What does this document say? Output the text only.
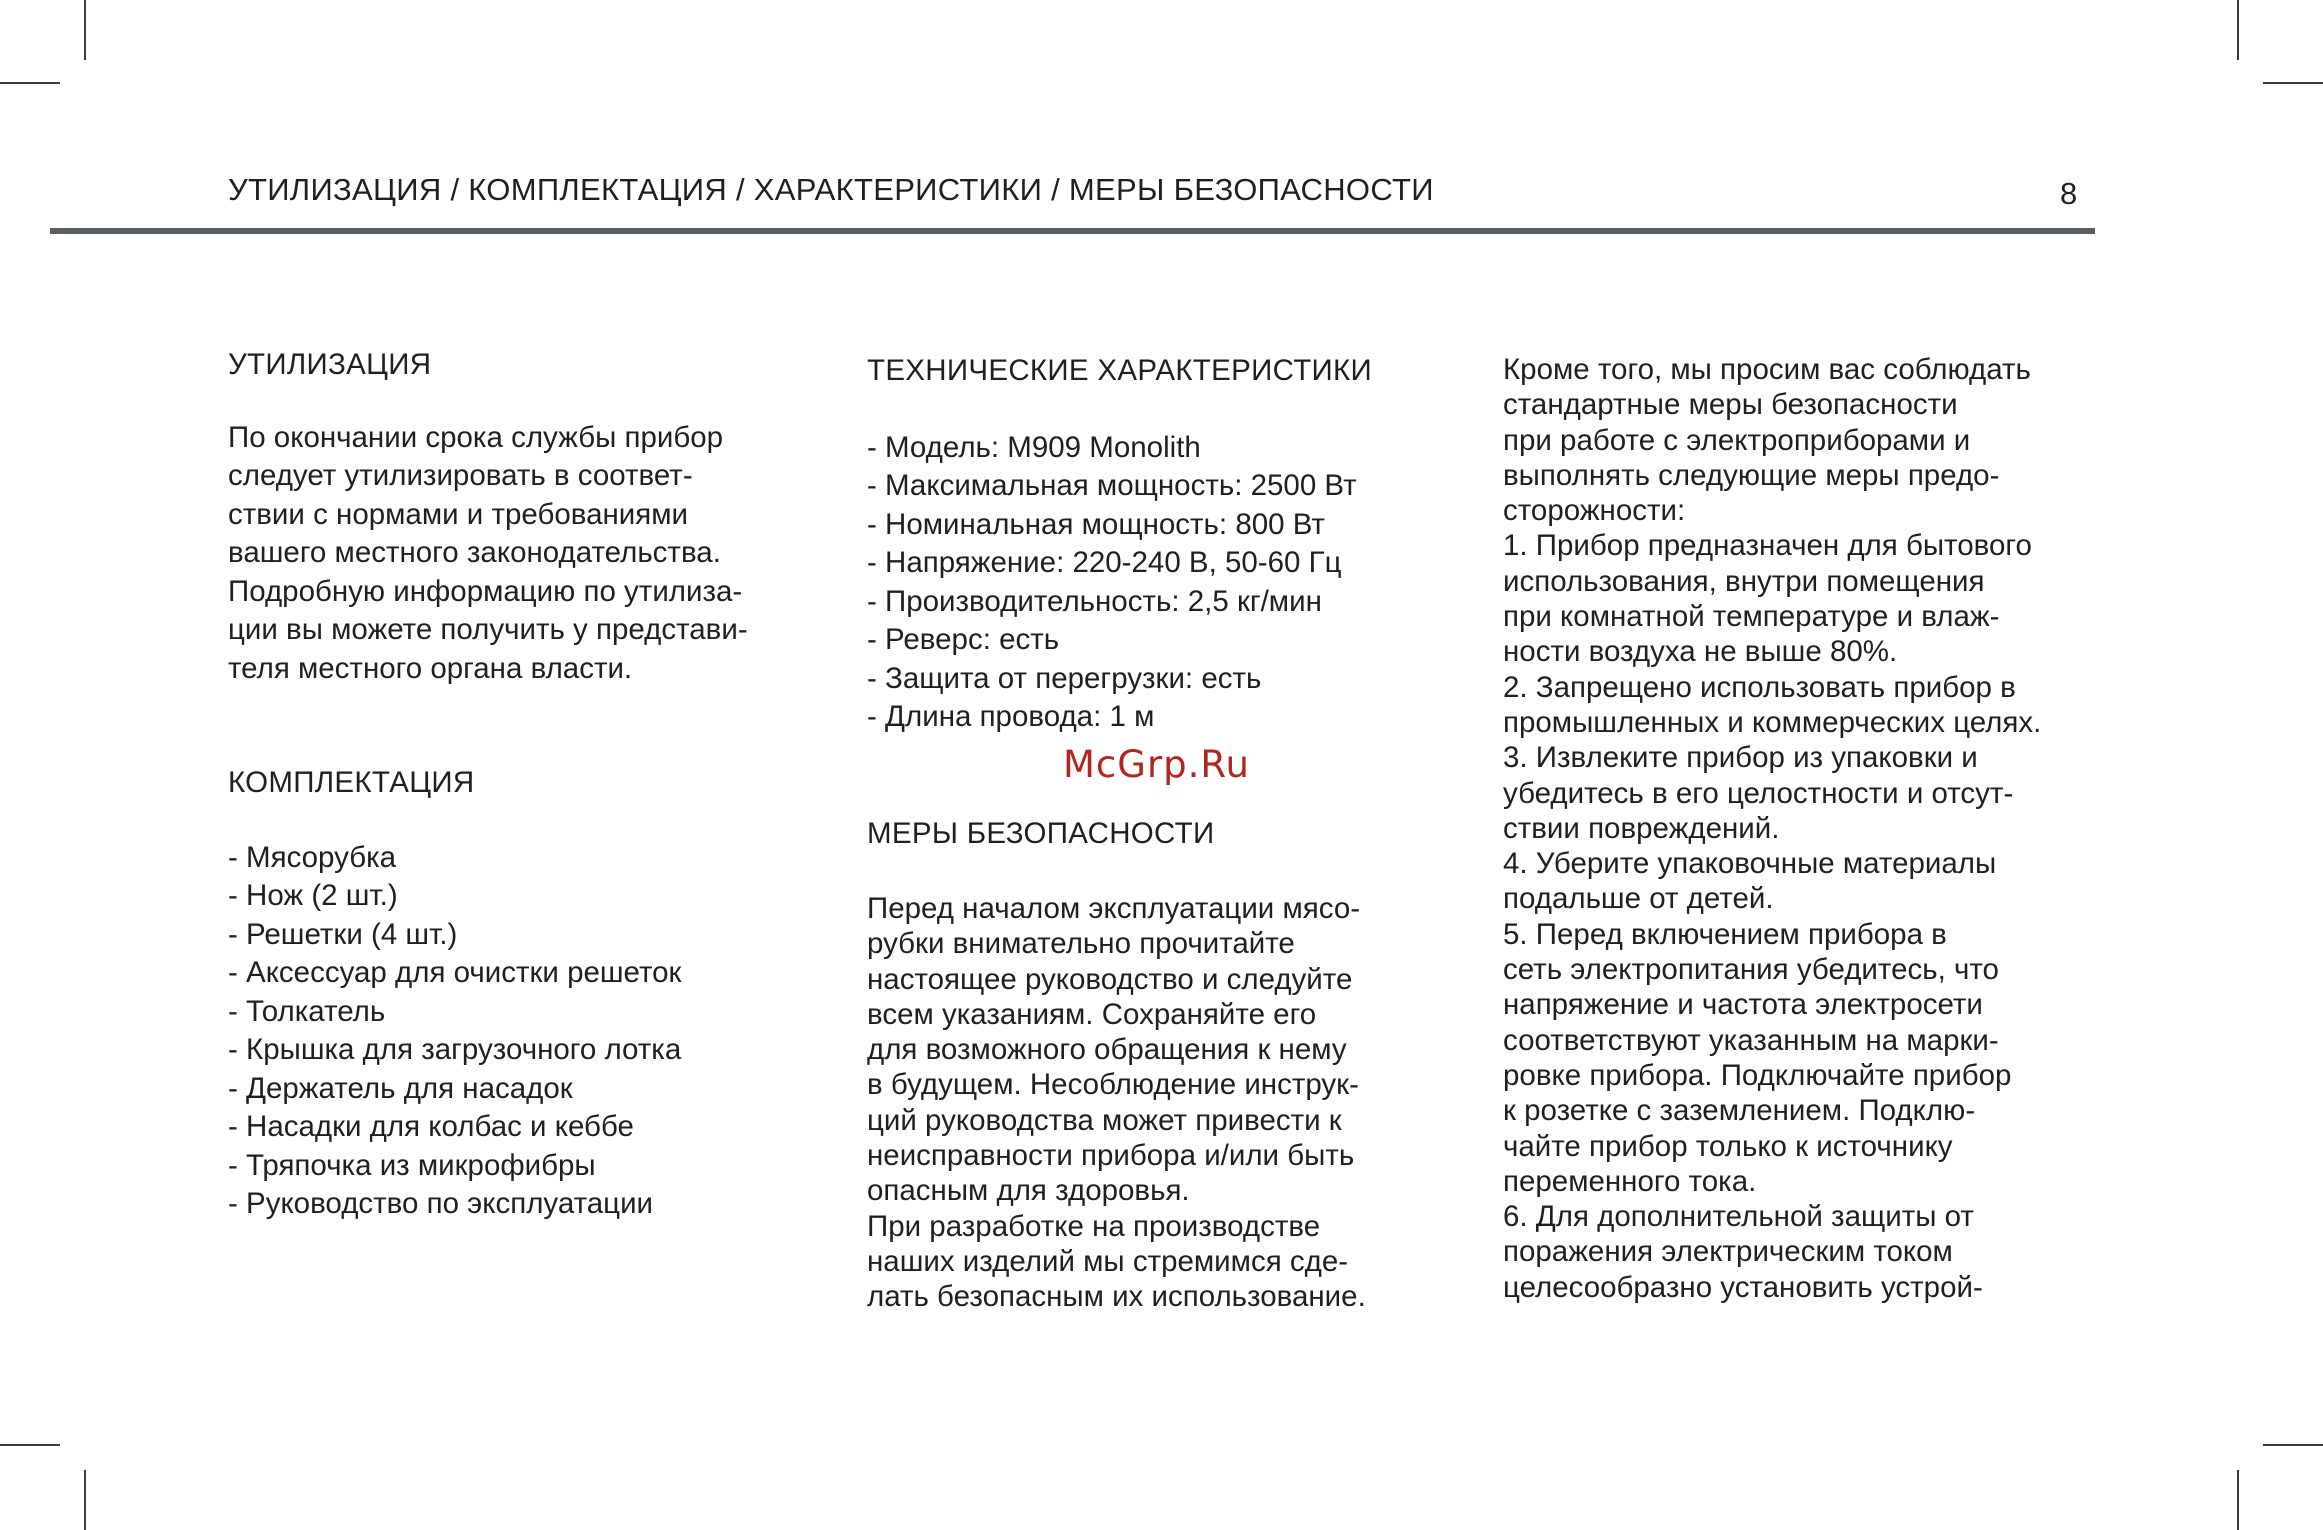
УТИЛИЗАЦИЯ / КОМПЛЕКТАЦИЯ / ХАРАКТЕРИСТИКИ / МЕРЫ БЕЗОПАСНОСТИ	8
УТИЛИЗАЦИЯ
По окончании срока службы прибор
следует утилизировать в соответ-
ствии с нормами и требованиями
вашего местного законодательства.
Подробную информацию по утилиза-
ции вы можете получить у представи-
теля местного органа власти.
КОМПЛЕКТАЦИЯ
- Мясорубка
- Нож (2 шт.)
- Решетки (4 шт.)
- Аксессуар для очистки решеток
- Толкатель
- Крышка для загрузочного лотка
- Держатель для насадок
- Насадки для колбас и кеббе
- Тряпочка из микрофибры
- Руководство по эксплуатации
ТЕХНИЧЕСКИЕ ХАРАКТЕРИСТИКИ
- Модель: M909 Monolith
- Максимальная мощность: 2500 Вт
- Номинальная мощность: 800 Вт
- Напряжение: 220-240 В, 50-60 Гц
- Производительность: 2,5 кг/мин
- Реверс: есть
- Защита от перегрузки: есть
- Длина провода: 1 м
МЕРЫ БЕЗОПАСНОСТИ
Перед началом эксплуатации мясо-
рубки внимательно прочитайте
настоящее руководство и следуйте
всем указаниям. Сохраняйте его
для возможного обращения к нему
в будущем. Несоблюдение инструк-
ций руководства может привести к
неисправности прибора и/или быть
опасным для здоровья.
При разработке на производстве
наших изделий мы стремимся сде-
лать безопасным их использование.
McGrp.Ru
Кроме того, мы просим вас соблюдать
стандартные меры безопасности
при работе с электроприборами и
выполнять следующие меры предо-
сторожности:
1. Прибор предназначен для бытового
использования, внутри помещения
при комнатной температуре и влаж-
ности воздуха не выше 80%.
2. Запрещено использовать прибор в
промышленных и коммерческих целях.
3. Извлеките прибор из упаковки и
убедитесь в его целостности и отсут-
ствии повреждений.
4. Уберите упаковочные материалы
подальше от детей.
5. Перед включением прибора в
сеть электропитания убедитесь, что
напряжение и частота электросети
соответствуют указанным на марки-
ровке прибора. Подключайте прибор
к розетке с заземлением. Подклю-
чайте прибор только к источнику
переменного тока.
6. Для дополнительной защиты от
поражения электрическим током
целесообразно установить устрой-
